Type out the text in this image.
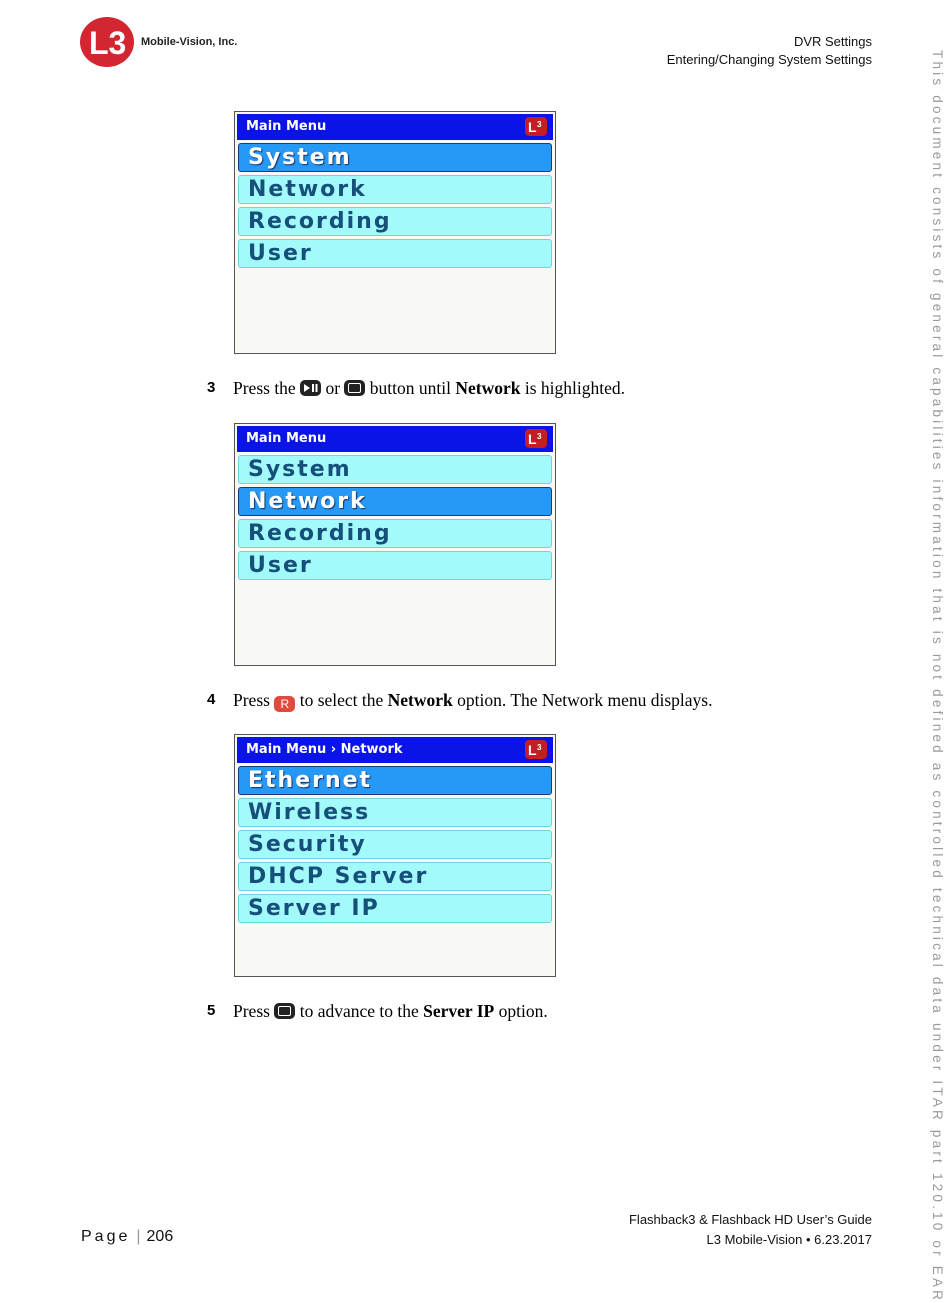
L3 Mobile-Vision, Inc.	DVR Settings
Entering/Changing System Settings	This document consists of general capabilities information that is not defined as controlled technical data under ITAR part 120.10 or EAR
Main Menu	L 3
System
Network
Recording
User
3 Press the or button until Network is highlighted.
Main Menu	L 3
System
Network
Recording
User
4 Press R to select the Network option. The Network menu displays.
Main Menu › Network	L 3
Ethernet
Wireless
Security
DHCP Server
Server IP
5 Press to advance to the Server IP option.
Flashback3 & Flashback HD User’s Guide
L3 Mobile-Vision • 6.23.2017
Page | 206
